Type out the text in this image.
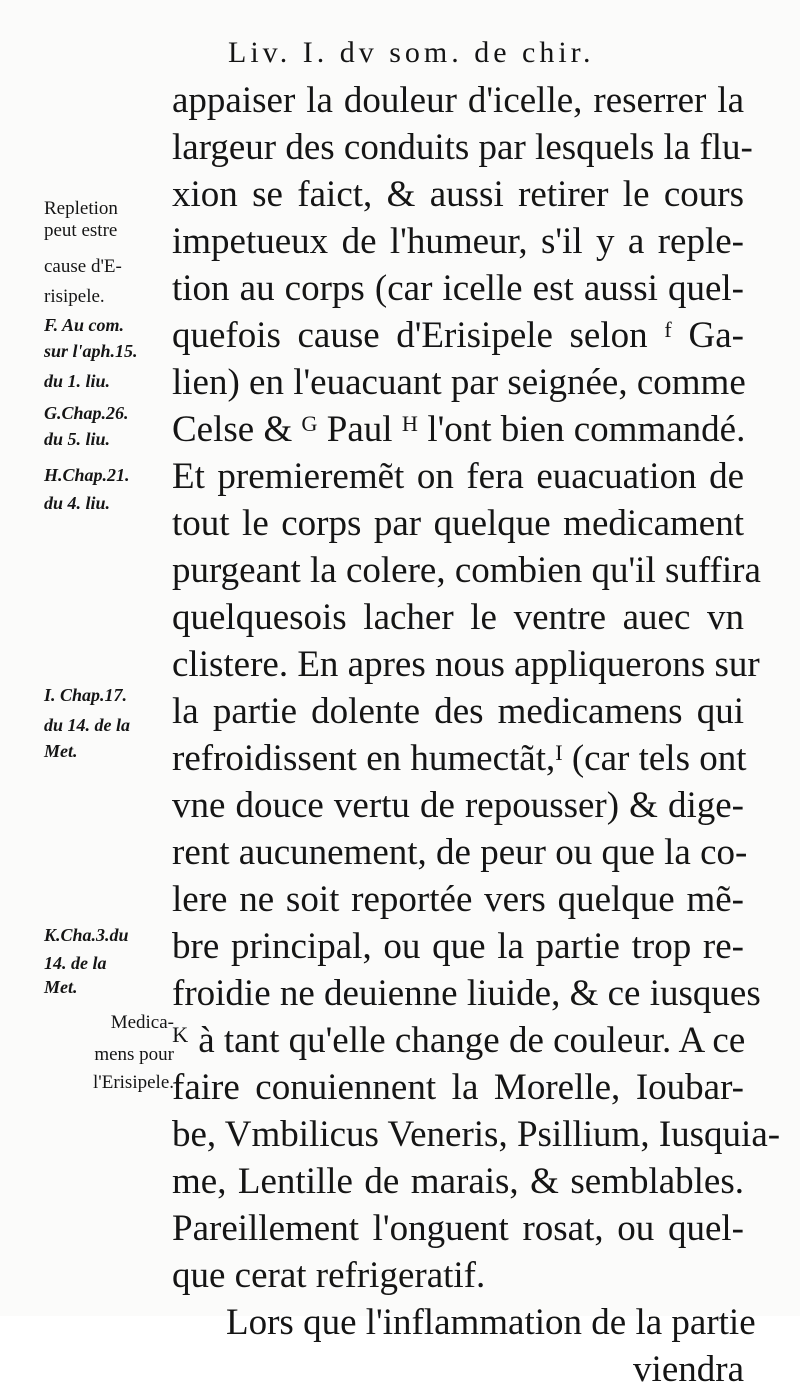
Liv. I. dv som. de chir.
appaiser la douleur d'icelle, reserrer la
largeur des conduits par lesquels la flu-
xion se faict, & aussi retirer le cours
impetueux de l'humeur, s'il y a reple-
tion au corps (car icelle est aussi quel-
quefois cause d'Erisipele selon ᶠ Ga-
lien) en l'euacuant par seignée, comme
Celse & ᴳ Paul ᴴ l'ont bien commandé.
Et premieremẽt on fera euacuation de
tout le corps par quelque medicament
purgeant la colere, combien qu'il suffira
quelquesois lacher le ventre auec vn
clistere. En apres nous appliquerons sur
la partie dolente des medicamens qui
refroidissent en humectãt,ᴵ (car tels ont
vne douce vertu de repousser) & dige-
rent aucunement, de peur ou que la co-
lere ne soit reportée vers quelque mẽ-
bre principal, ou que la partie trop re-
froidie ne deuienne liuide, & ce iusques
ᴷ à tant qu'elle change de couleur. A ce
faire conuiennent la Morelle, Ioubar-
be, Vmbilicus Veneris, Psillium, Iusquia-
me, Lentille de marais, & semblables.
Pareillement l'onguent rosat, ou quel-
que cerat refrigeratif.
Lors que l'inflammation de la partie
viendra
Repletion
peut estre
cause d'E-
risipele.
F. Au com.
sur l'aph.15.
du 1. liu.
G.Chap.26.
du 5. liu.
H.Chap.21.
du 4. liu.
I. Chap.17.
du 14. de la
Met.
K.Cha.3.du
14. de la
Met.
Medica-
mens pour
l'Erisipele.
